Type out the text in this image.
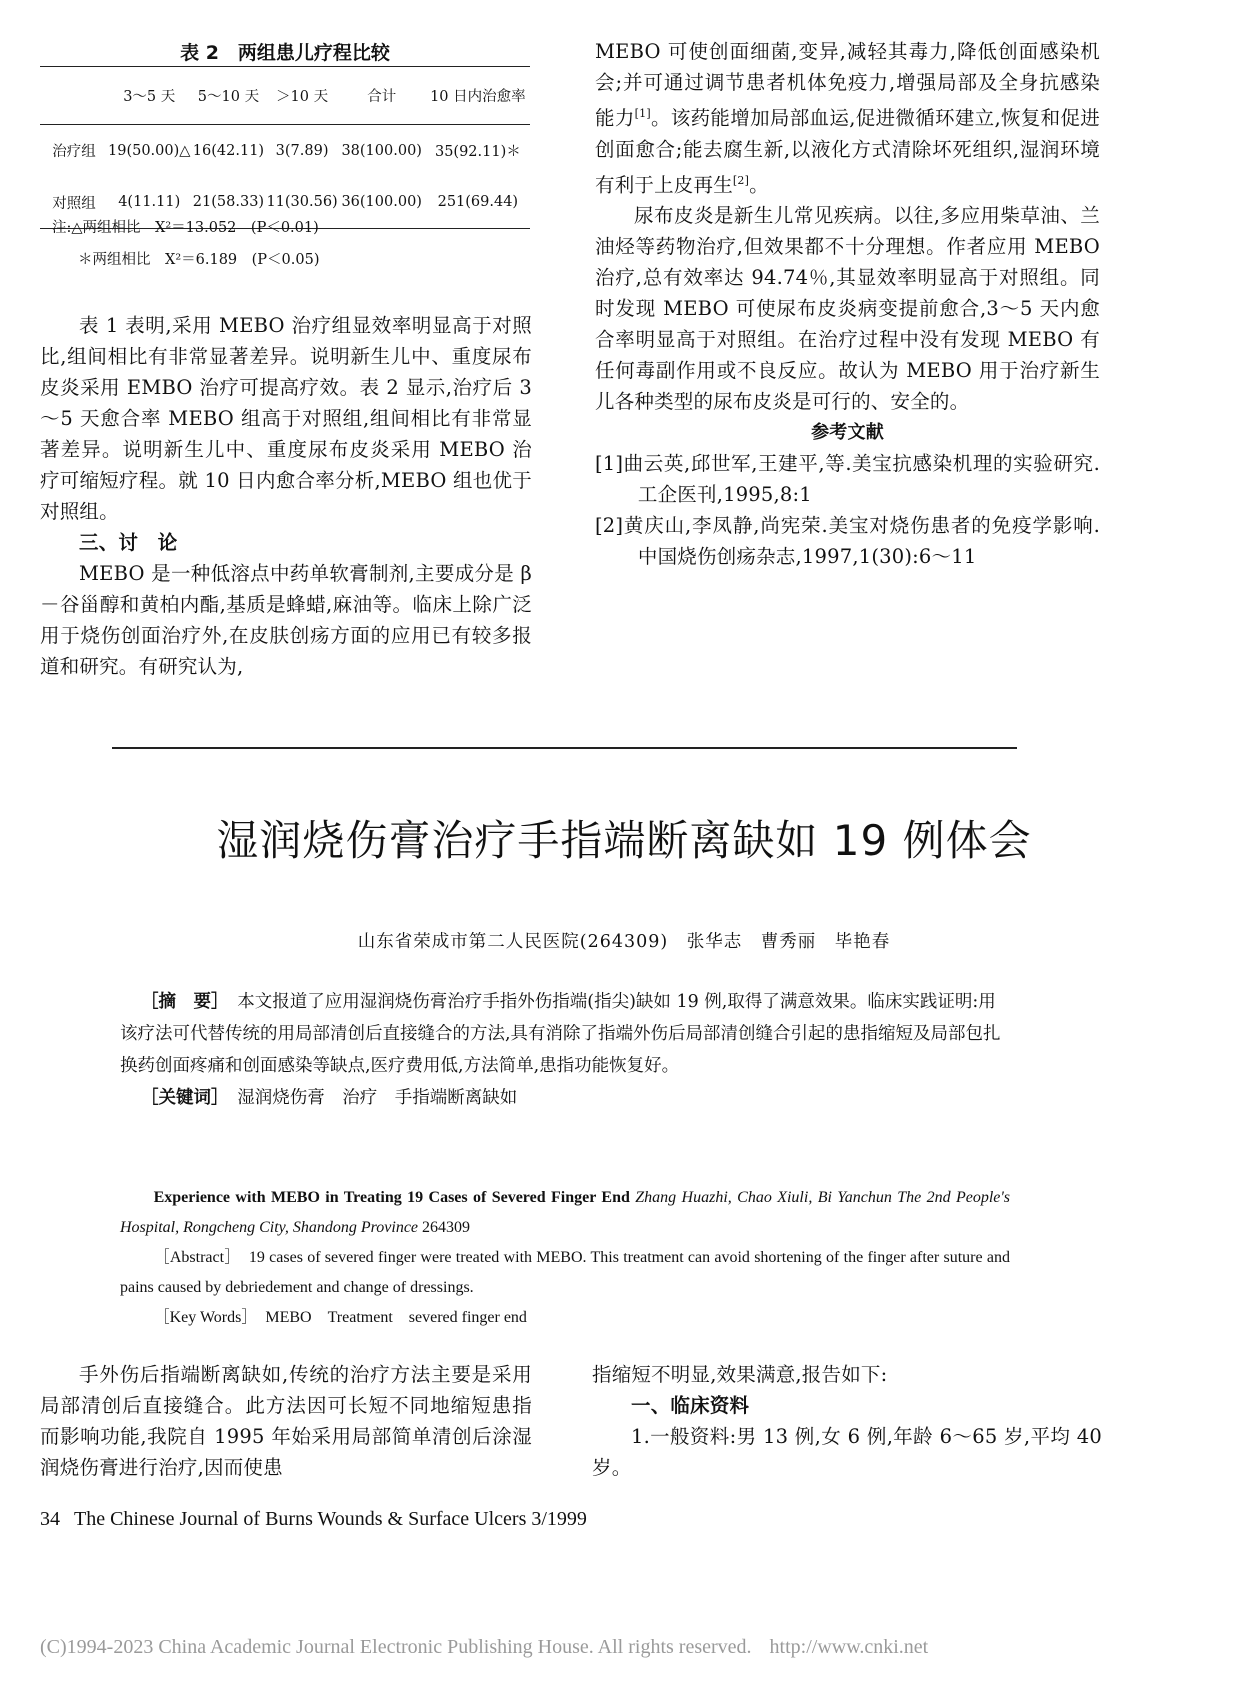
表 2　两组患儿疗程比较
	3～5 天	5～10 天	＞10 天	合计	10 日内治愈率
治疗组	19(50.00)△	16(42.11)	3(7.89)	38(100.00)	35(92.11)＊
对照组	4(11.11)	21(58.33)	11(30.56)	36(100.00)	251(69.44)
注:△两组相比　X²＝13.052　(P＜0.01)
＊两组相比　X²＝6.189　(P＜0.05)

表 1 表明,采用 MEBO 治疗组显效率明显高于对照比,组间相比有非常显著差异。说明新生儿中、重度尿布皮炎采用 EMBO 治疗可提高疗效。表 2 显示,治疗后 3～5 天愈合率 MEBO 组高于对照组,组间相比有非常显著差异。说明新生儿中、重度尿布皮炎采用 MEBO 治疗可缩短疗程。就 10 日内愈合率分析,MEBO 组也优于对照组。

三、讨　论

MEBO 是一种低溶点中药单软膏制剂,主要成分是 β－谷甾醇和黄柏内酯,基质是蜂蜡,麻油等。临床上除广泛用于烧伤创面治疗外,在皮肤创疡方面的应用已有较多报道和研究。有研究认为,

MEBO 可使创面细菌,变异,减轻其毒力,降低创面感染机会;并可通过调节患者机体免疫力,增强局部及全身抗感染能力[1]。该药能增加局部血运,促进微循环建立,恢复和促进创面愈合;能去腐生新,以液化方式清除坏死组织,湿润环境有利于上皮再生[2]。

尿布皮炎是新生儿常见疾病。以往,多应用柴草油、兰油烃等药物治疗,但效果都不十分理想。作者应用 MEBO 治疗,总有效率达 94.74％,其显效率明显高于对照组。同时发现 MEBO 可使尿布皮炎病变提前愈合,3～5 天内愈合率明显高于对照组。在治疗过程中没有发现 MEBO 有任何毒副作用或不良反应。故认为 MEBO 用于治疗新生儿各种类型的尿布皮炎是可行的、安全的。

参考文献

[1]曲云英,邱世军,王建平,等.美宝抗感染机理的实验研究.工企医刊,1995,8:1

[2]黄庆山,李凤静,尚宪荣.美宝对烧伤患者的免疫学影响.中国烧伤创疡杂志,1997,1(30):6～11

湿润烧伤膏治疗手指端断离缺如 19 例体会
山东省荣成市第二人民医院(264309)　张华志　曹秀丽　毕艳春

［摘　要］　 本文报道了应用湿润烧伤膏治疗手指外伤指端(指尖)缺如 19 例,取得了满意效果。临床实践证明:用该疗法可代替传统的用局部清创后直接缝合的方法,具有消除了指端外伤后局部清创缝合引起的患指缩短及局部包扎换药创面疼痛和创面感染等缺点,医疗费用低,方法简单,患指功能恢复好。

［关键词］　 湿润烧伤膏　治疗　手指端断离缺如

Experience with MEBO in Treating 19 Cases of Severed Finger End Zhang Huazhi, Chao Xiuli, Bi Yanchun The 2nd People's Hospital, Rongcheng City, Shandong Province 264309

［Abstract］　 19 cases of severed finger were treated with MEBO. This treatment can avoid shortening of the finger after suture and pains caused by debriedement and change of dressings.

［Key Words］　 MEBO　Treatment　severed finger end

手外伤后指端断离缺如,传统的治疗方法主要是采用局部清创后直接缝合。此方法因可长短不同地缩短患指而影响功能,我院自 1995 年始采用局部简单清创后涂湿润烧伤膏进行治疗,因而使患

指缩短不明显,效果满意,报告如下:

一、临床资料

1.一般资料:男 13 例,女 6 例,年龄 6～65 岁,平均 40 岁。

34 The Chinese Journal of Burns Wounds & Surface Ulcers 3/1999
(C)1994-2023 China Academic Journal Electronic Publishing House. All rights reserved. http://www.cnki.net
